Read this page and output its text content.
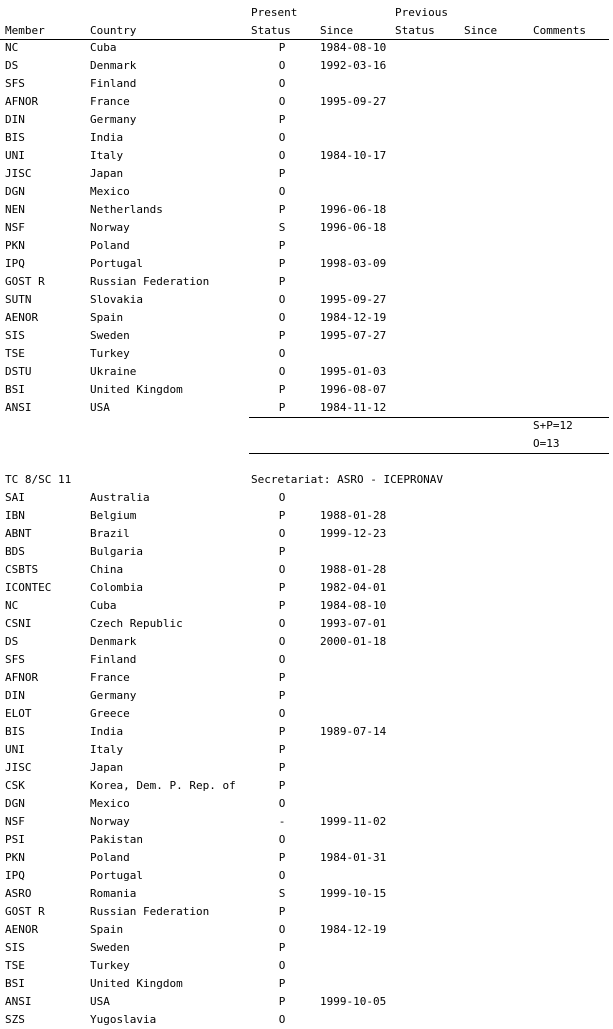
Present	Previous
Member	Country	Status	Since	Status	Since	Comments
NC	Cuba	P	1984-08-10
DS	Denmark	O	1992-03-16
SFS	Finland	O
AFNOR	France	O	1995-09-27
DIN	Germany	P
BIS	India	O
UNI	Italy	O	1984-10-17
JISC	Japan	P
DGN	Mexico	O
NEN	Netherlands	P	1996-06-18
NSF	Norway	S	1996-06-18
PKN	Poland	P
IPQ	Portugal	P	1998-03-09
GOST R	Russian Federation	P
SUTN	Slovakia	O	1995-09-27
AENOR	Spain	O	1984-12-19
SIS	Sweden	P	1995-07-27
TSE	Turkey	O
DSTU	Ukraine	O	1995-01-03
BSI	United Kingdom	P	1996-08-07
ANSI	USA	P	1984-11-12
S+P=12
O=13
TC 8/SC 11	Secretariat: ASRO - ICEPRONAV
SAI	Australia	O
IBN	Belgium	P	1988-01-28
ABNT	Brazil	O	1999-12-23
BDS	Bulgaria	P
CSBTS	China	O	1988-01-28
ICONTEC	Colombia	P	1982-04-01
NC	Cuba	P	1984-08-10
CSNI	Czech Republic	O	1993-07-01
DS	Denmark	O	2000-01-18
SFS	Finland	O
AFNOR	France	P
DIN	Germany	P
ELOT	Greece	O
BIS	India	P	1989-07-14
UNI	Italy	P
JISC	Japan	P
CSK	Korea, Dem. P. Rep. of	P
DGN	Mexico	O
NSF	Norway	-	1999-11-02
PSI	Pakistan	O
PKN	Poland	P	1984-01-31
IPQ	Portugal	O
ASRO	Romania	S	1999-10-15
GOST R	Russian Federation	P
AENOR	Spain	O	1984-12-19
SIS	Sweden	P
TSE	Turkey	O
BSI	United Kingdom	P
ANSI	USA	P	1999-10-05
SZS	Yugoslavia	O
